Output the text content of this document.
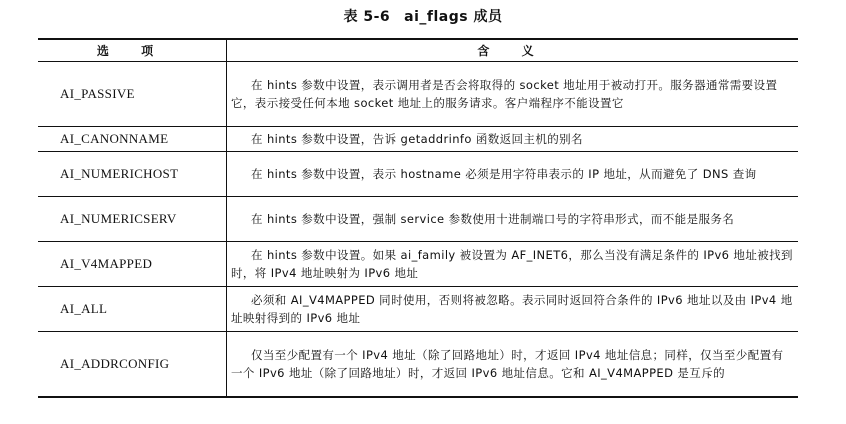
表 5-6 ai_flags 成员
选 项	含 义
AI_PASSIVE	在 hints 参数中设置，表示调用者是否会将取得的 socket 地址用于被动打开。服务器通常需要设置它，表示接受任何本地 socket 地址上的服务请求。客户端程序不能设置它
AI_CANONNAME	在 hints 参数中设置，告诉 getaddrinfo 函数返回主机的别名
AI_NUMERICHOST	在 hints 参数中设置，表示 hostname 必须是用字符串表示的 IP 地址，从而避免了 DNS 查询
AI_NUMERICSERV	在 hints 参数中设置，强制 service 参数使用十进制端口号的字符串形式，而不能是服务名
AI_V4MAPPED	在 hints 参数中设置。如果 ai_family 被设置为 AF_INET6，那么当没有满足条件的 IPv6 地址被找到时，将 IPv4 地址映射为 IPv6 地址
AI_ALL	必须和 AI_V4MAPPED 同时使用，否则将被忽略。表示同时返回符合条件的 IPv6 地址以及由 IPv4 地址映射得到的 IPv6 地址
AI_ADDRCONFIG	仅当至少配置有一个 IPv4 地址（除了回路地址）时，才返回 IPv4 地址信息；同样，仅当至少配置有一个 IPv6 地址（除了回路地址）时，才返回 IPv6 地址信息。它和 AI_V4MAPPED 是互斥的
